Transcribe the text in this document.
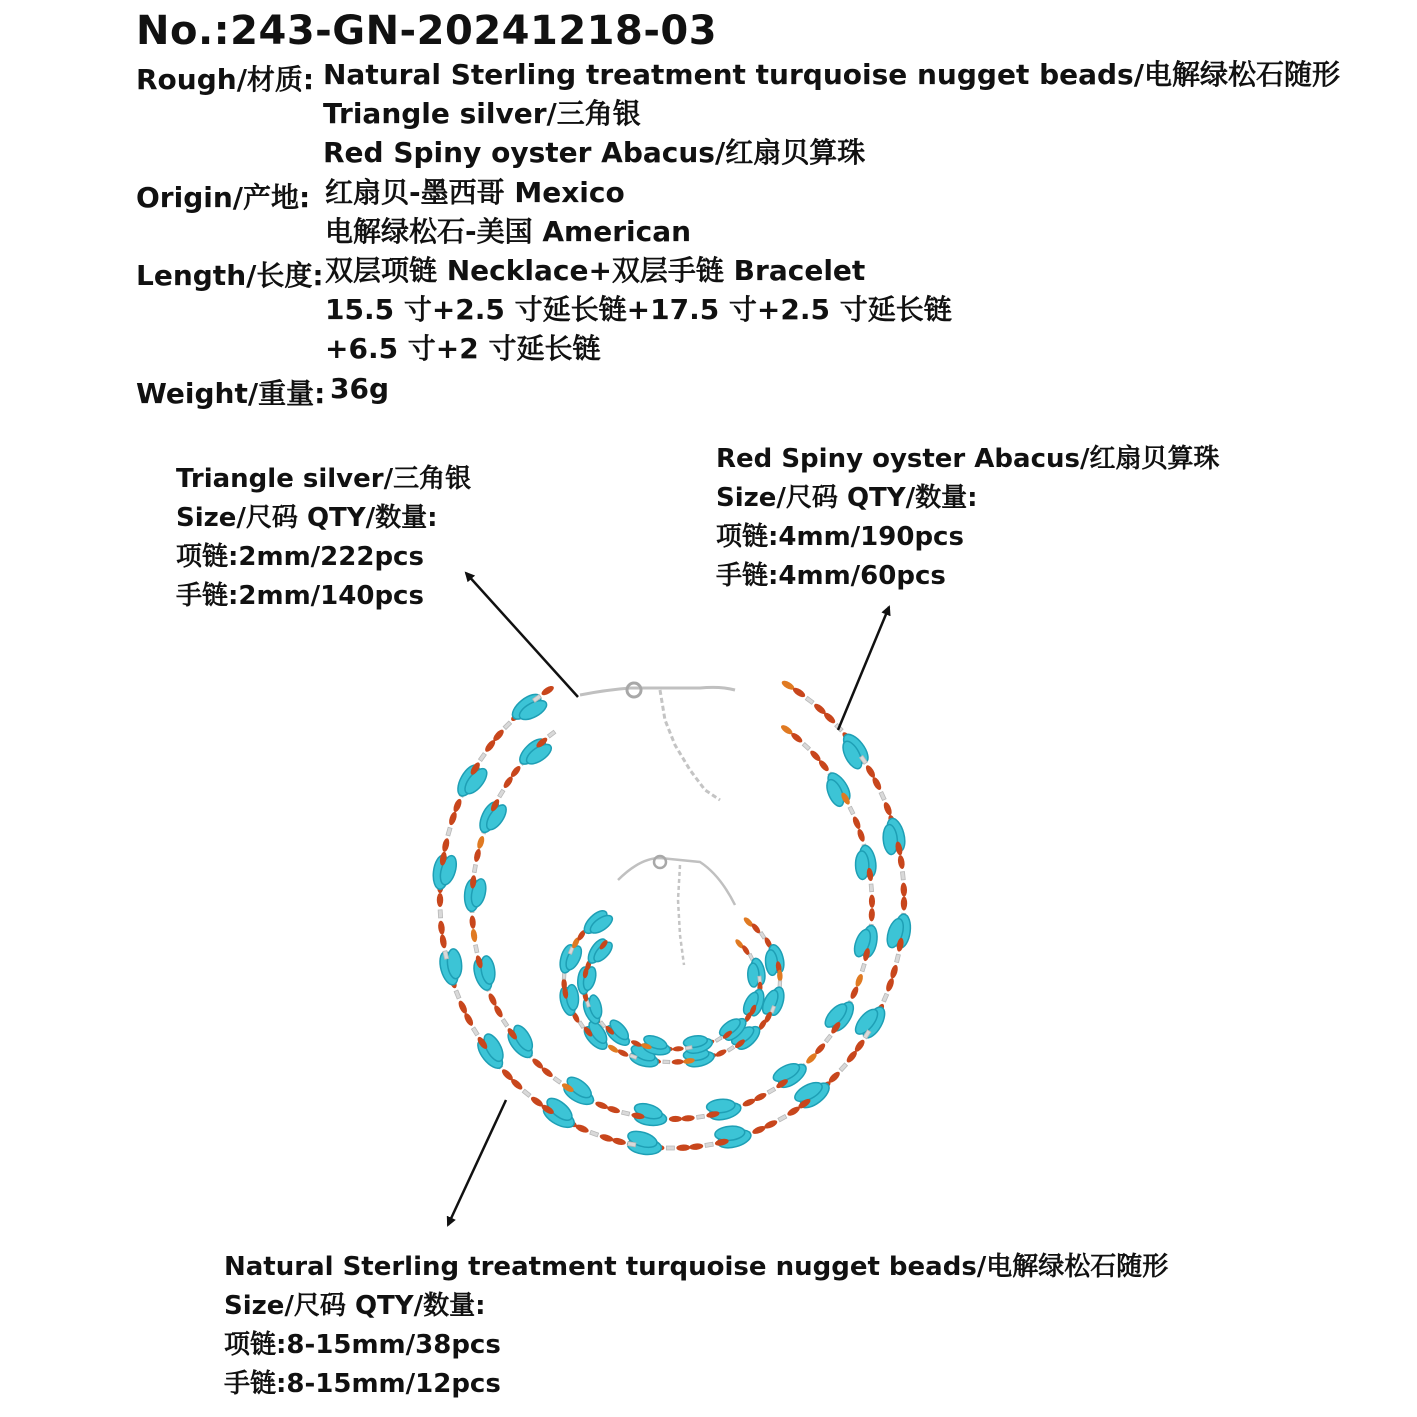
No.:243-GN-20241218-03
Rough/材质: Natural Sterling treatment turquoise nugget beads/电解绿松石随形
Triangle silver/三角银
Red Spiny oyster Abacus/红扇贝算珠
Origin/产地: 红扇贝-墨西哥 Mexico
电解绿松石-美国 American
Length/长度: 双层项链 Necklace+双层手链 Bracelet
15.5 寸+2.5 寸延长链+17.5 寸+2.5 寸延长链
+6.5 寸+2 寸延长链
Weight/重量: 36g
Triangle silver/三角银
Size/尺码 QTY/数量:
项链:2mm/222pcs
手链:2mm/140pcs
Red Spiny oyster Abacus/红扇贝算珠
Size/尺码 QTY/数量:
项链:4mm/190pcs
手链:4mm/60pcs
Natural Sterling treatment turquoise nugget beads/电解绿松石随形
Size/尺码 QTY/数量:
项链:8-15mm/38pcs
手链:8-15mm/12pcs
